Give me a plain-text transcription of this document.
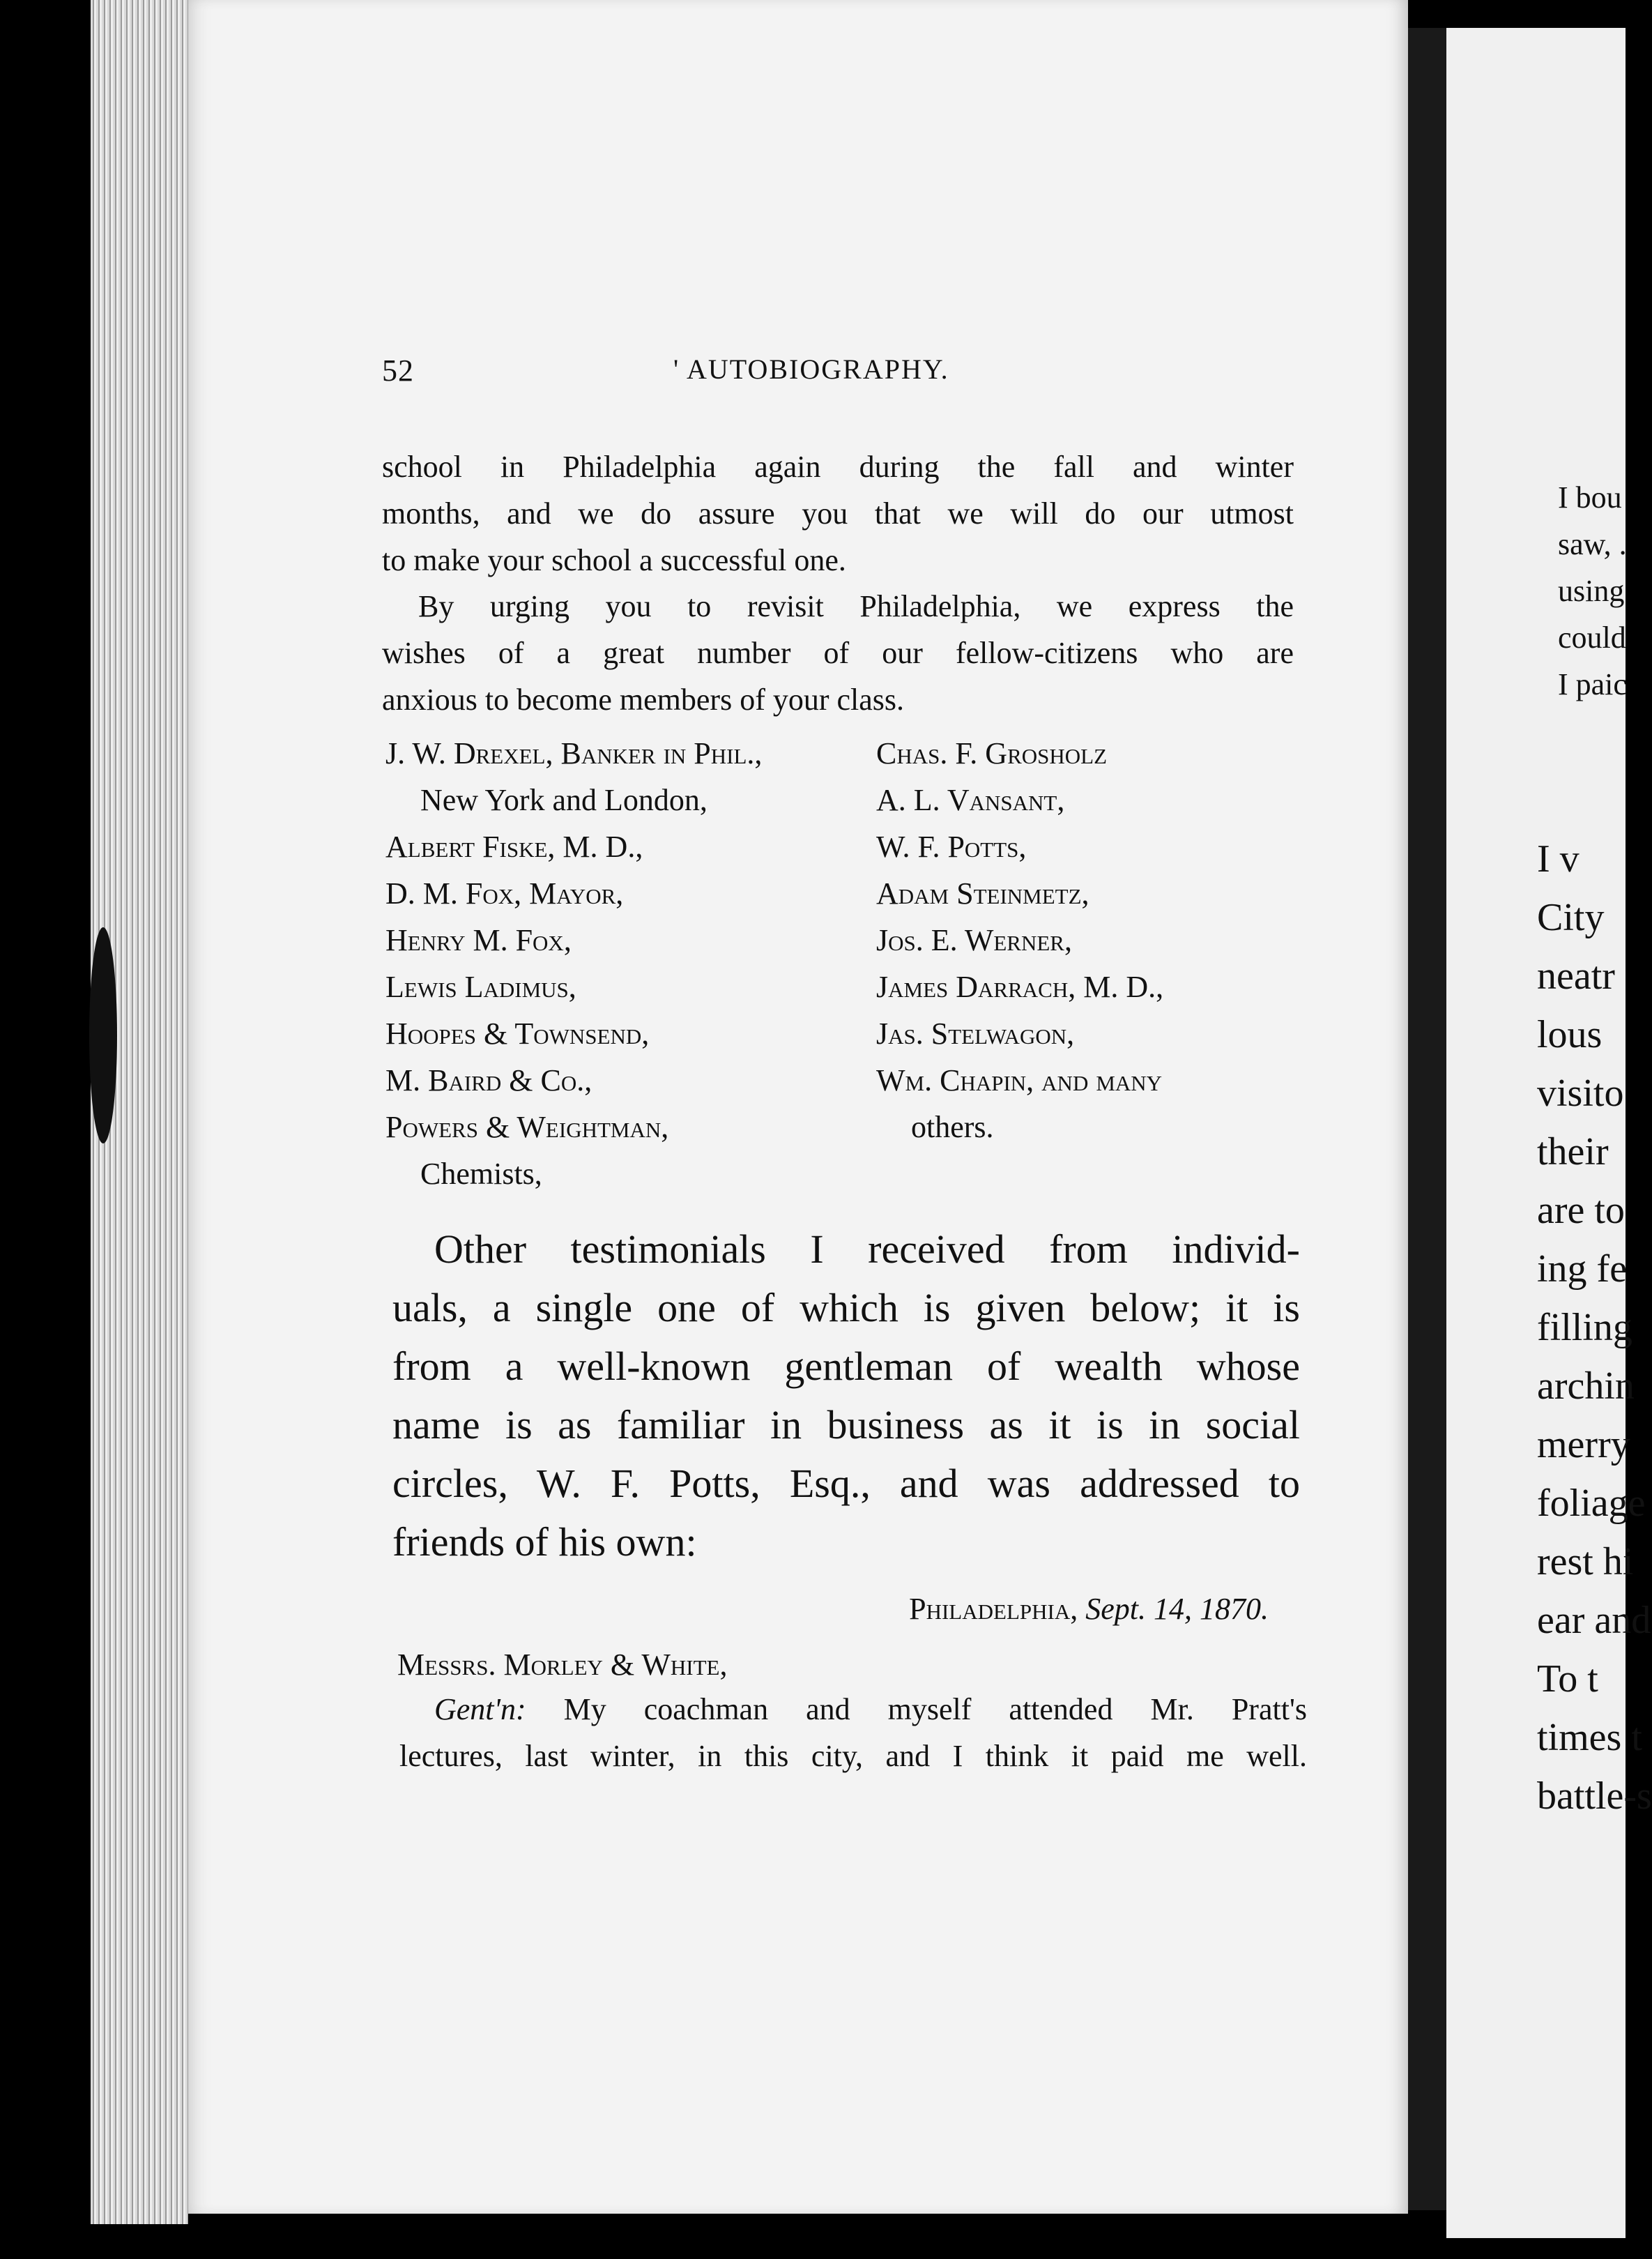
52	' AUTOBIOGRAPHY.
school in Philadelphia again during the fall and winter
months, and we do assure you that we will do our utmost
to make your school a successful one.
By urging you to revisit Philadelphia, we express the
wishes of a great number of our fellow-citizens who are
anxious to become members of your class.
J. W. Drexel, Banker in Phil.,
New York and London,
Albert Fiske, M. D.,
D. M. Fox, Mayor,
Henry M. Fox,
Lewis Ladimus,
Hoopes & Townsend,
M. Baird & Co.,
Powers & Weightman,
Chemists,
Chas. F. Grosholz
A. L. Vansant,
W. F. Potts,
Adam Steinmetz,
Jos. E. Werner,
James Darrach, M. D.,
Jas. Stelwagon,
Wm. Chapin, and many
others.
Other testimonials I received from individ-
uals, a single one of which is given below; it is
from a well-known gentleman of wealth whose
name is as familiar in business as it is in social
circles, W. F. Potts, Esq., and was addressed to
friends of his own:
Philadelphia, Sept. 14, 1870.
Messrs. Morley & White,
Gent'n: My coachman and myself attended Mr. Pratt's
lectures, last winter, in this city, and I think it paid me well.
I bou
saw, .
using
could
I paic
I v
City
neatr
lous
visito
their
are to
ing fe
filling
archin
merry
foliage
rest hi
ear and
To t
times t
battle-s
